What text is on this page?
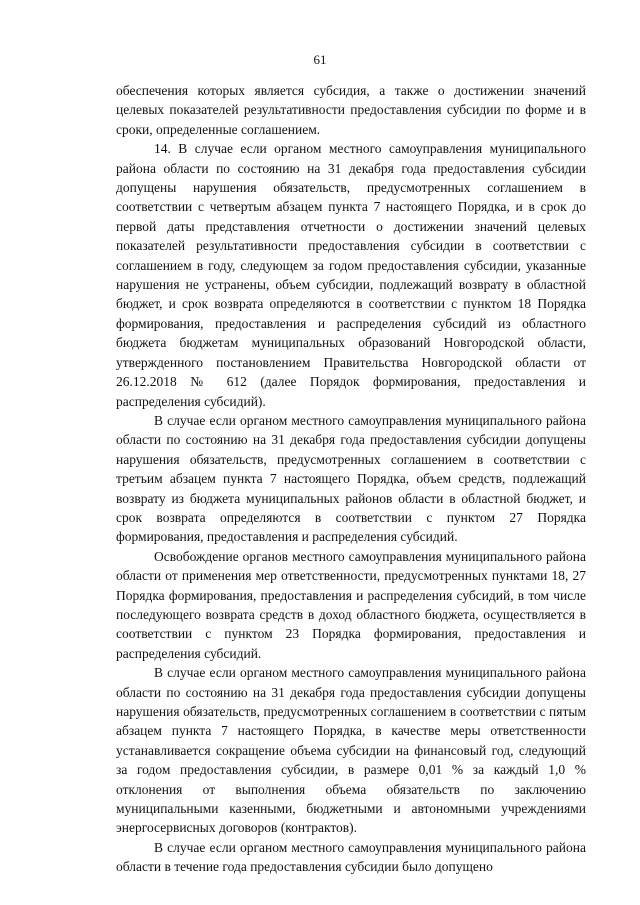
61

обеспечения которых является субсидия, а также о достижении значений целевых показателей результативности предоставления субсидии по форме и в сроки, определенные соглашением.

14. В случае если органом местного самоуправления муниципального района области по состоянию на 31 декабря года предоставления субсидии допущены нарушения обязательств, предусмотренных соглашением в соответствии с четвертым абзацем пункта 7 настоящего Порядка, и в срок до первой даты представления отчетности о достижении значений целевых показателей результативности предоставления субсидии в соответствии с соглашением в году, следующем за годом предоставления субсидии, указанные нарушения не устранены, объем субсидии, подлежащий возврату в областной бюджет, и срок возврата определяются в соответствии с пунктом 18 Порядка формирования, предоставления и распределения субсидий из областного бюджета бюджетам муниципальных образований Новгородской области, утвержденного постановлением Правительства Новгородской области от 26.12.2018 № 612 (далее Порядок формирования, предоставления и распределения субсидий).

В случае если органом местного самоуправления муниципального района области по состоянию на 31 декабря года предоставления субсидии допущены нарушения обязательств, предусмотренных соглашением в соответствии с третьим абзацем пункта 7 настоящего Порядка, объем средств, подлежащий возврату из бюджета муниципальных районов области в областной бюджет, и срок возврата определяются в соответствии с пунктом 27 Порядка формирования, предоставления и распределения субсидий.

Освобождение органов местного самоуправления муниципального района области от применения мер ответственности, предусмотренных пунктами 18, 27 Порядка формирования, предоставления и распределения субсидий, в том числе последующего возврата средств в доход областного бюджета, осуществляется в соответствии с пунктом 23 Порядка формирования, предоставления и распределения субсидий.

В случае если органом местного самоуправления муниципального района области по состоянию на 31 декабря года предоставления субсидии допущены нарушения обязательств, предусмотренных соглашением в соответствии с пятым абзацем пункта 7 настоящего Порядка, в качестве меры ответственности устанавливается сокращение объема субсидии на финансовый год, следующий за годом предоставления субсидии, в размере 0,01 % за каждый 1,0 % отклонения от выполнения объема обязательств по заключению муниципальными казенными, бюджетными и автономными учреждениями энергосервисных договоров (контрактов).

В случае если органом местного самоуправления муниципального района области в течение года предоставления субсидии было допущено
